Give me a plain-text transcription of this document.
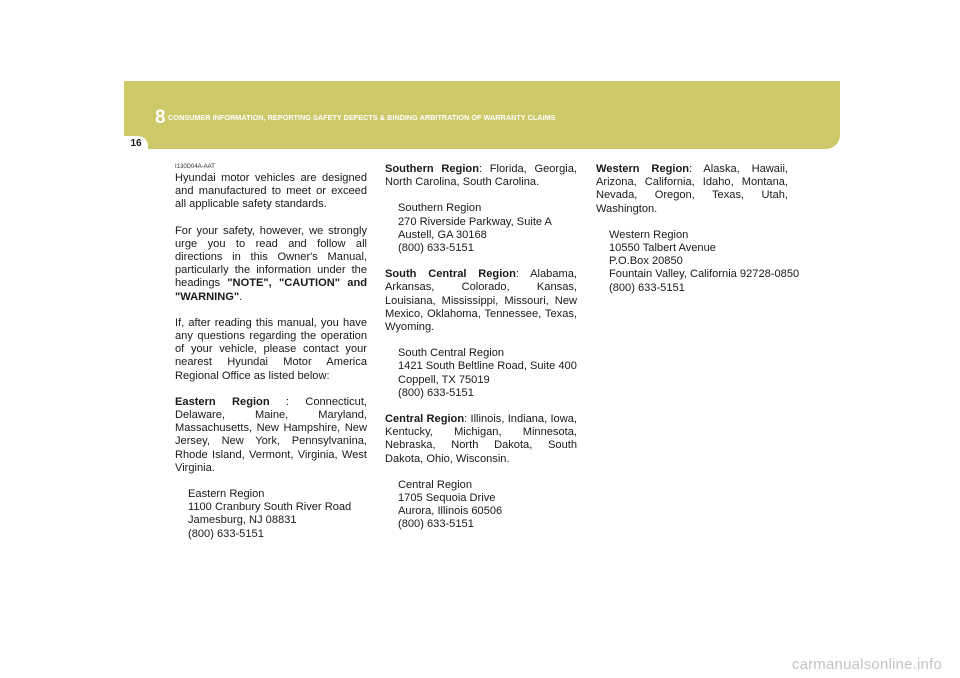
8 CONSUMER INFORMATION, REPORTING SAFETY DEFECTS & BINDING ARBITRATION OF WARRANTY CLAIMS
16
I130D04A-AAT

Hyundai motor vehicles are designed and manufactured to meet or exceed all applicable safety standards.

For your safety, however, we strongly urge you to read and follow all directions in this Owner's Manual, particularly the information under the headings "NOTE", "CAUTION" and "WARNING".

If, after reading this manual, you have any questions regarding the operation of your vehicle, please contact your nearest Hyundai Motor America Regional Office as listed below:

Eastern Region : Connecticut, Delaware, Maine, Maryland, Massachusetts, New Hampshire, New Jersey, New York, Pennsylvanina, Rhode Island, Vermont, Virginia, West Virginia.

Eastern Region
1100 Cranbury South River Road
Jamesburg, NJ 08831
(800) 633-5151

Southern Region: Florida, Georgia, North Carolina, South Carolina.

Southern Region
270 Riverside Parkway, Suite A
Austell, GA 30168
(800) 633-5151

South Central Region: Alabama, Arkansas, Colorado, Kansas, Louisiana, Mississippi, Missouri, New Mexico, Oklahoma, Tennessee, Texas, Wyoming.

South Central Region
1421 South Beltline Road, Suite 400
Coppell, TX 75019
(800) 633-5151

Central Region: Illinois, Indiana, Iowa, Kentucky, Michigan, Minnesota, Nebraska, North Dakota, South Dakota, Ohio, Wisconsin.

Central Region
1705 Sequoia Drive
Aurora, Illinois 60506
(800) 633-5151

Western Region: Alaska, Hawaii, Arizona, California, Idaho, Montana, Nevada, Oregon, Texas, Utah, Washington.

Western Region
10550 Talbert Avenue
P.O.Box 20850
Fountain Valley, California 92728-0850
(800) 633-5151
carmanualsonline.info
